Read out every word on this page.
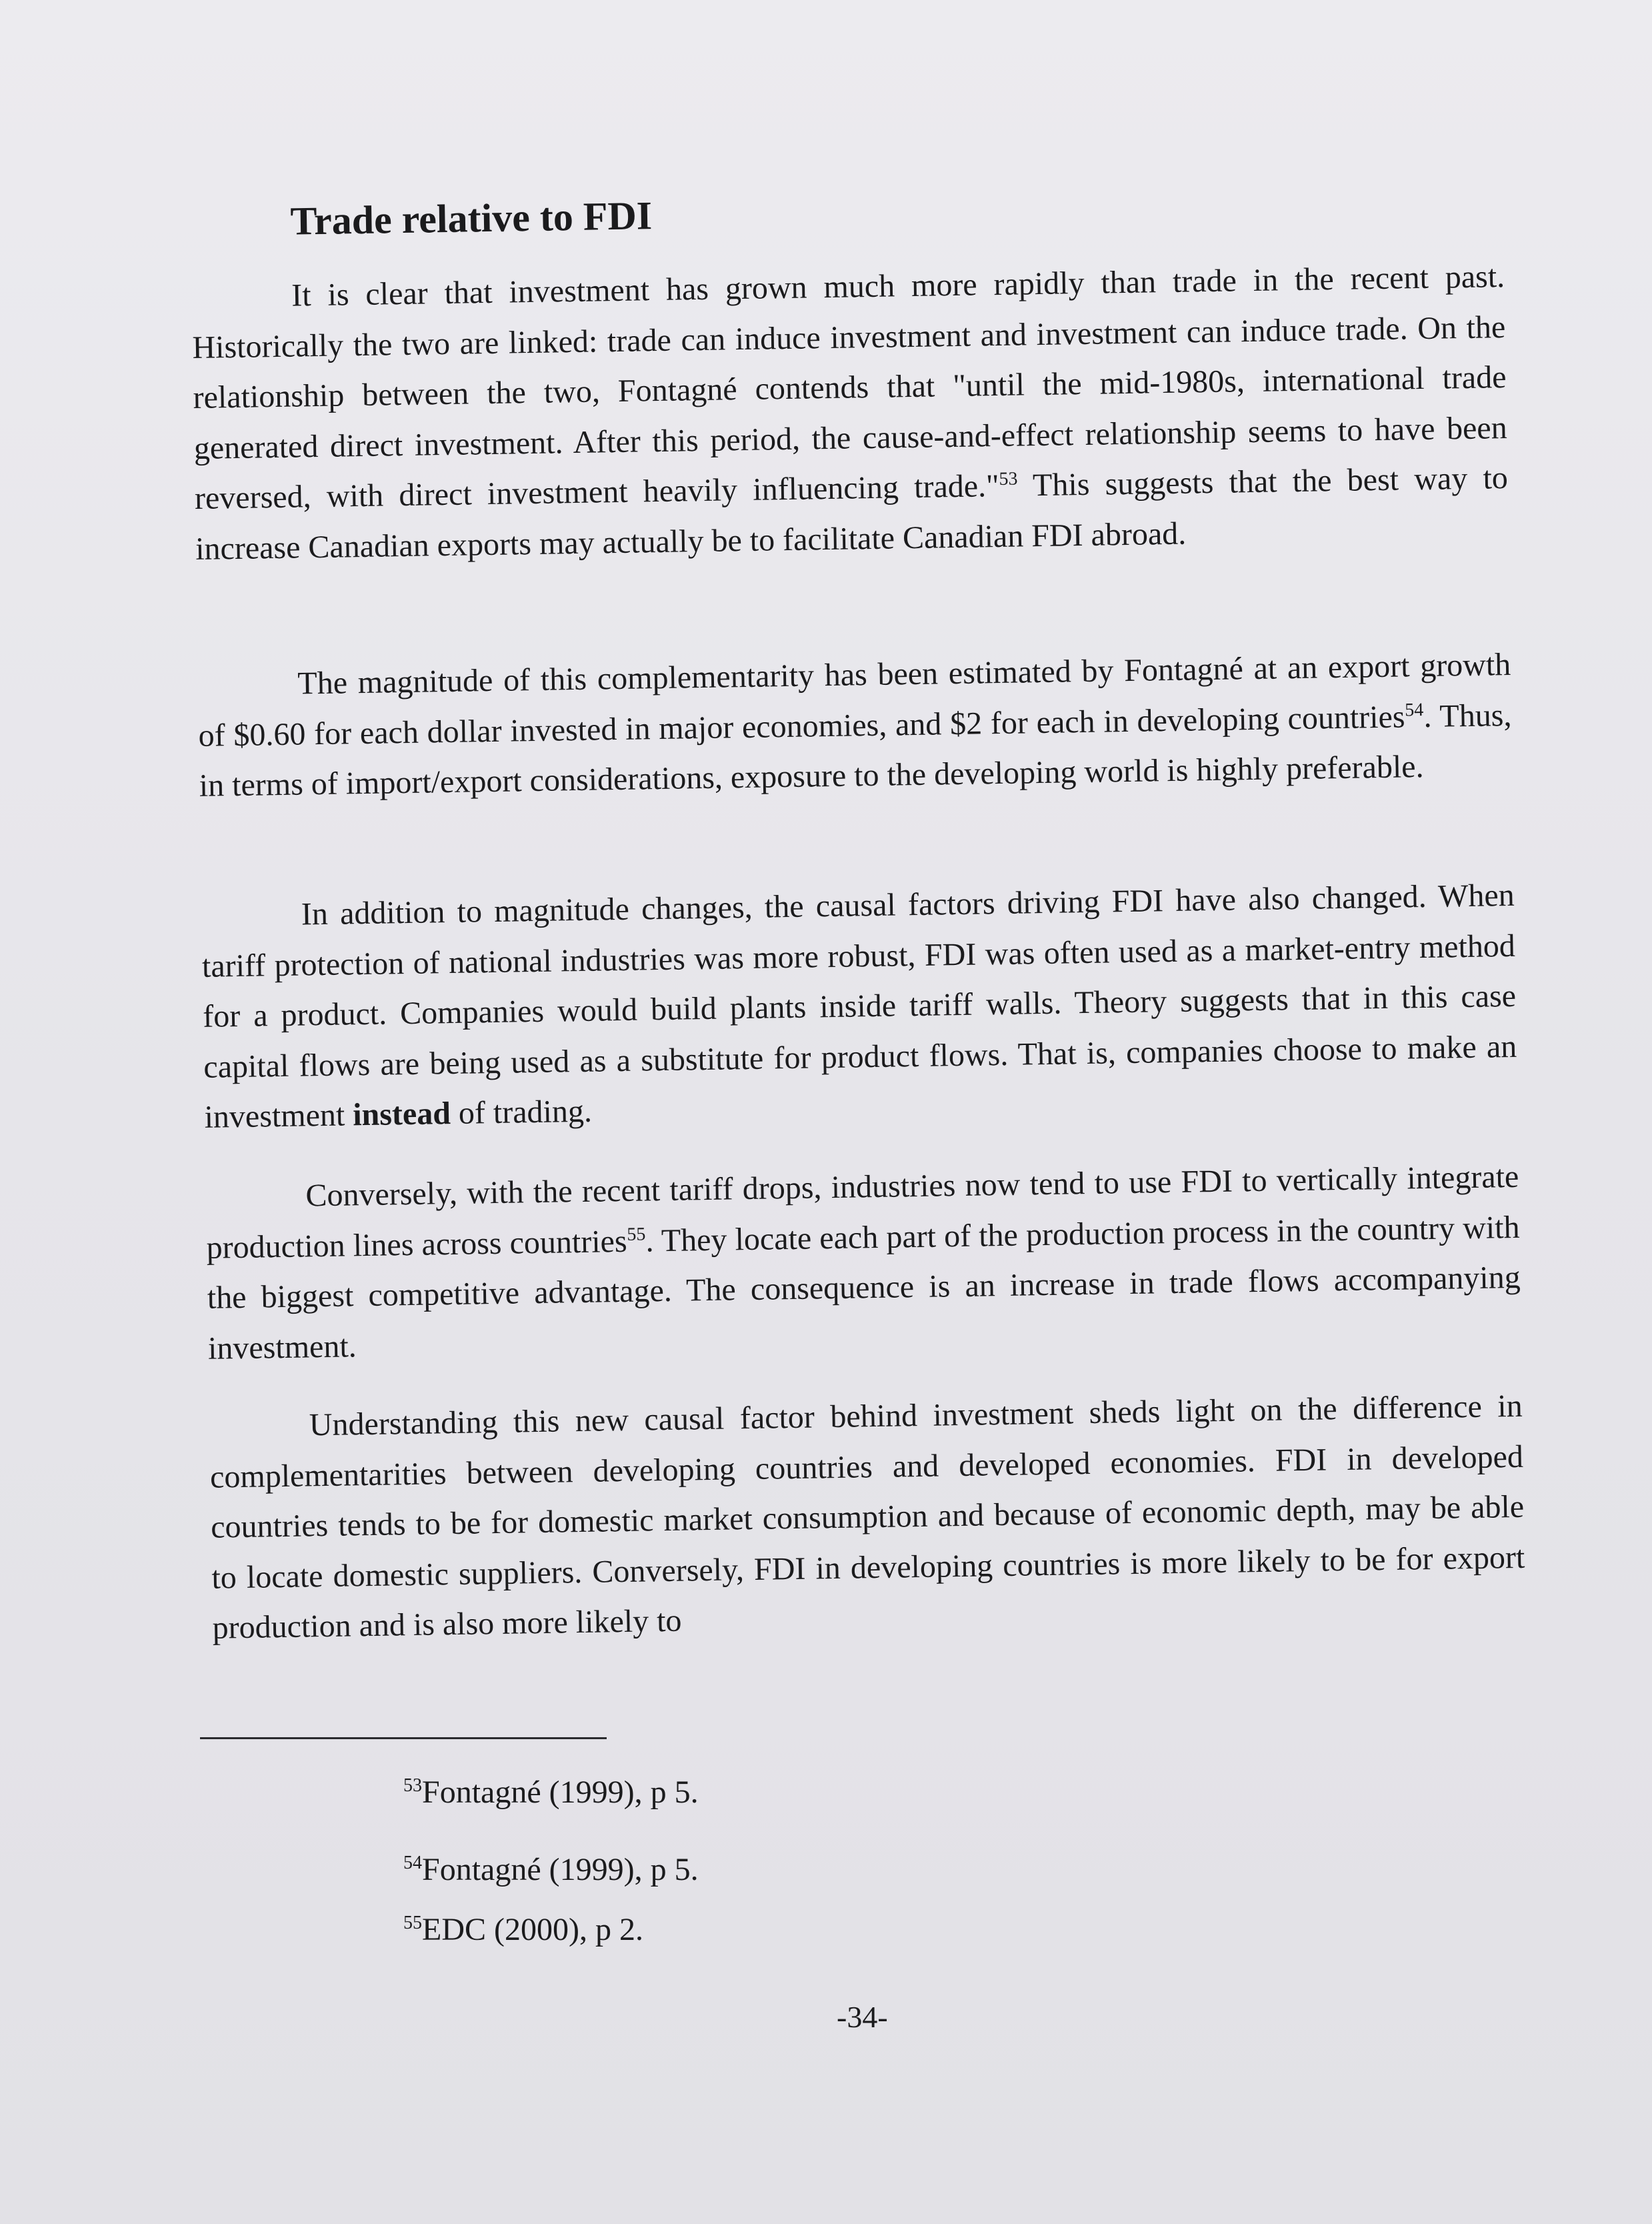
Trade relative to FDI

It is clear that investment has grown much more rapidly than trade in the recent past. Historically the two are linked: trade can induce investment and investment can induce trade. On the relationship between the two, Fontagné contends that "until the mid-1980s, international trade generated direct investment. After this period, the cause-and-effect relationship seems to have been reversed, with direct investment heavily influencing trade."$^{53}$ This suggests that the best way to increase Canadian exports may actually be to facilitate Canadian FDI abroad.

The magnitude of this complementarity has been estimated by Fontagné at an export growth of $0.60 for each dollar invested in major economies, and $2 for each in developing countries$^{54}$. Thus, in terms of import/export considerations, exposure to the developing world is highly preferable.

In addition to magnitude changes, the causal factors driving FDI have also changed. When tariff protection of national industries was more robust, FDI was often used as a market-entry method for a product. Companies would build plants inside tariff walls. Theory suggests that in this case capital flows are being used as a substitute for product flows. That is, companies choose to make an investment instead of trading.

Conversely, with the recent tariff drops, industries now tend to use FDI to vertically integrate production lines across countries$^{55}$. They locate each part of the production process in the country with the biggest competitive advantage. The consequence is an increase in trade flows accompanying investment.

Understanding this new causal factor behind investment sheds light on the difference in complementarities between developing countries and developed economies. FDI in developed countries tends to be for domestic market consumption and because of economic depth, may be able to locate domestic suppliers. Conversely, FDI in developing countries is more likely to be for export production and is also more likely to

$^{53}$Fontagné (1999), p 5.
$^{54}$Fontagné (1999), p 5.
$^{55}$EDC (2000), p 2.
-34-
